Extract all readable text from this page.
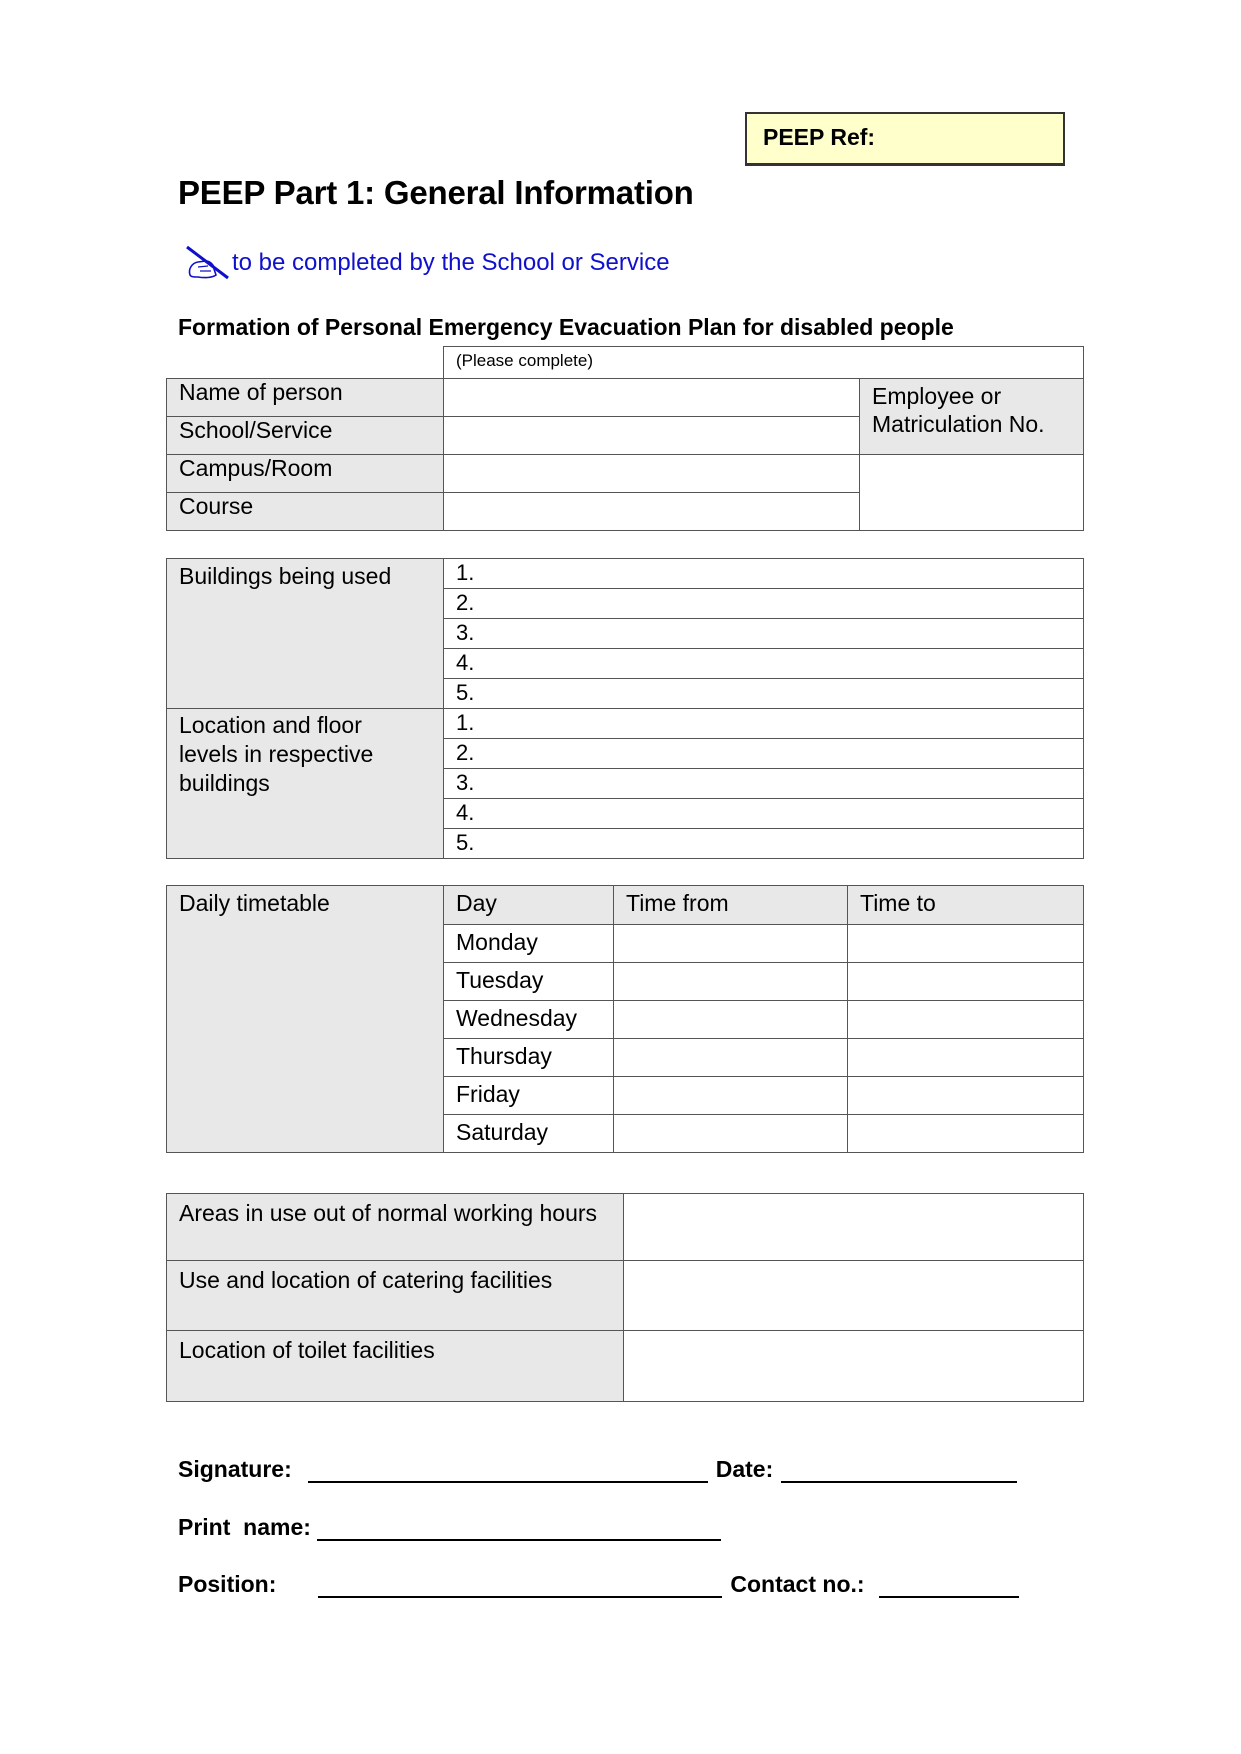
PEEP Ref:
PEEP Part 1: General Information
to be completed by the School or Service
Formation of Personal Emergency Evacuation Plan for disabled people
	(Please complete)	
Name of person		Employee or Matriculation No.
School/Service		
Campus/Room		
Course		
Buildings being used	1.
	2.
	3.
	4.
	5.
Location and floor levels in respective buildings	1.
	2.
	3.
	4.
	5.
Daily timetable	Day	Time from	Time to
	Monday		
	Tuesday		
	Wednesday		
	Thursday		
	Friday		
	Saturday		
Areas in use out of normal working hours	
Use and location of catering facilities	
Location of toilet facilities	
Signature:	Date:
Print  name:
Position:	Contact no.:
